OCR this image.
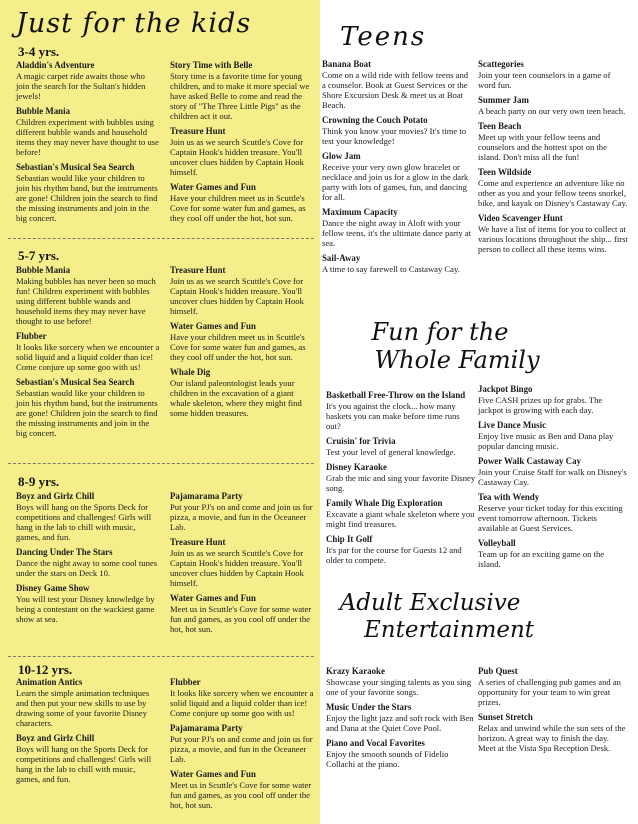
Just for the kids
3-4 yrs.
Aladdin's Adventure
A magic carpet ride awaits those who join the search for the Sultan's hidden jewels!
Bubble Mania
Children experiment with bubbles using different bubble wands and household items they may never have thought to use before!
Sebastian's Musical Sea Search
Sebastian would like your children to join his rhythm band, but the instruments are gone! Children join the search to find the missing instruments and join in the big concert.
Story Time with Belle
Story time is a favorite time for young children, and to make it more special we have asked Belle to come and read the story of "The Three Little Pigs" as the children act it out.
Treasure Hunt
Join us as we search Scuttle's Cove for Captain Hook's hidden treasure. You'll uncover clues hidden by Captain Hook himself.
Water Games and Fun
Have your children meet us in Scuttle's Cove for some water fun and games, as they cool off under the hot, hot sun.
5-7 yrs.
Bubble Mania
Making bubbles has never been so much fun! Children experiment with bubbles using different bubble wands and household items they may never have thought to use before!
Flubber
It looks like sorcery when we encounter a solid liquid and a liquid colder than ice! Come conjure up some goo with us!
Sebastian's Musical Sea Search
Sebastian would like your children to join his rhythm band, but the instruments are gone! Children join the search to find the missing instruments and join in the big concert.
Treasure Hunt
Join us as we search Scuttle's Cove for Captain Hook's hidden treasure. You'll uncover clues hidden by Captain Hook himself.
Water Games and Fun
Have your children meet us in Scuttle's Cove for some water fun and games, as they cool off under the hot, hot sun.
Whale Dig
Our island paleontologist leads your children in the excavation of a giant whale skeleton, where they might find some hidden treasures.
8-9 yrs.
Boyz and Girlz Chill
Boys will hang on the Sports Deck for competitions and challenges! Girls will hang in the lab to chill with music, games, and fun.
Dancing Under The Stars
Dance the night away to some cool tunes under the stars on Deck 10.
Disney Game Show
You will test your Disney knowledge by being a contestant on the wackiest game show at sea.
Pajamarama Party
Put your PJ's on and come and join us for pizza, a movie, and fun in the Oceaneer Lab.
Treasure Hunt
Join us as we search Scuttle's Cove for Captain Hook's hidden treasure. You'll uncover clues hidden by Captain Hook himself.
Water Games and Fun
Meet us in Scuttle's Cove for some water fun and games, as you cool off under the hot, hot sun.
10-12 yrs.
Animation Antics
Learn the simple animation techniques and then put your new skills to use by drawing some of your favorite Disney characters.
Boyz and Girlz Chill
Boys will hang on the Sports Deck for competitions and challenges! Girls will hang in the lab to chill with music, games, and fun.
Flubber
It looks like sorcery when we encounter a solid liquid and a liquid colder than ice! Come conjure up some goo with us!
Pajamarama Party
Put your PJ's on and come and join us for pizza, a movie, and fun in the Oceaneer Lab.
Water Games and Fun
Meet us in Scuttle's Cove for some water fun and games, as you cool off under the hot, hot sun.
Teens
Banana Boat
Come on a wild ride with fellow teens and a counselor. Book at Guest Services or the Shore Excursion Desk & meet us at Boat Beach.
Crowning the Couch Potato
Think you know your movies? It's time to test your knowledge!
Glow Jam
Receive your very own glow bracelet or necklace and join us for a glow in the dark party with lots of games, fun, and dancing for all.
Maximum Capacity
Dance the night away in Aloft with your fellow teens, it's the ultimate dance party at sea.
Sail-Away
A time to say farewell to Castaway Cay.
Scattegories
Join your teen counselors in a game of word fun.
Summer Jam
A beach party on our very own teen beach.
Teen Beach
Meet up with your fellow teens and counselors and the hottest spot on the island. Don't miss all the fun!
Teen Wildside
Come and experience an adventure like no other as you and your fellow teens snorkel, bike, and kayak on Disney's Castaway Cay.
Video Scavenger Hunt
We have a list of items for you to collect at various locations throughout the ship... first person to collect all these items wins.
Fun for the
Whole Family
Basketball Free-Throw on the Island
It's you against the clock... how many baskets you can make before time runs out?
Cruisin' for Trivia
Test your level of general knowledge.
Disney Karaoke
Grab the mic and sing your favorite Disney song.
Family Whale Dig Exploration
Excavate a giant whale skeleton where you might find treasures.
Chip It Golf
It's par for the course for Guests 12 and older to compete.
Jackpot Bingo
Five CASH prizes up for grabs. The jackpot is growing with each day.
Live Dance Music
Enjoy live music as Ben and Dana play popular dancing music.
Power Walk Castaway Cay
Join your Cruise Staff for walk on Disney's Castaway Cay.
Tea with Wendy
Reserve your ticket today for this exciting event tomorrow afternoon. Tickets available at Guest Services.
Volleyball
Team up for an exciting game on the island.
Adult Exclusive
Entertainment
Krazy Karaoke
Showcase your singing talents as you sing one of your favorite songs.
Music Under the Stars
Enjoy the light jazz and soft rock with Ben and Dana at the Quiet Cove Pool.
Piano and Vocal Favorites
Enjoy the smooth sounds of Fidelio Collachi at the piano.
Pub Quest
A series of challenging pub games and an opportunity for your team to win great prizes.
Sunset Stretch
Relax and unwind while the sun sets of the horizon. A great way to finish the day. Meet at the Vista Spa Reception Desk.
